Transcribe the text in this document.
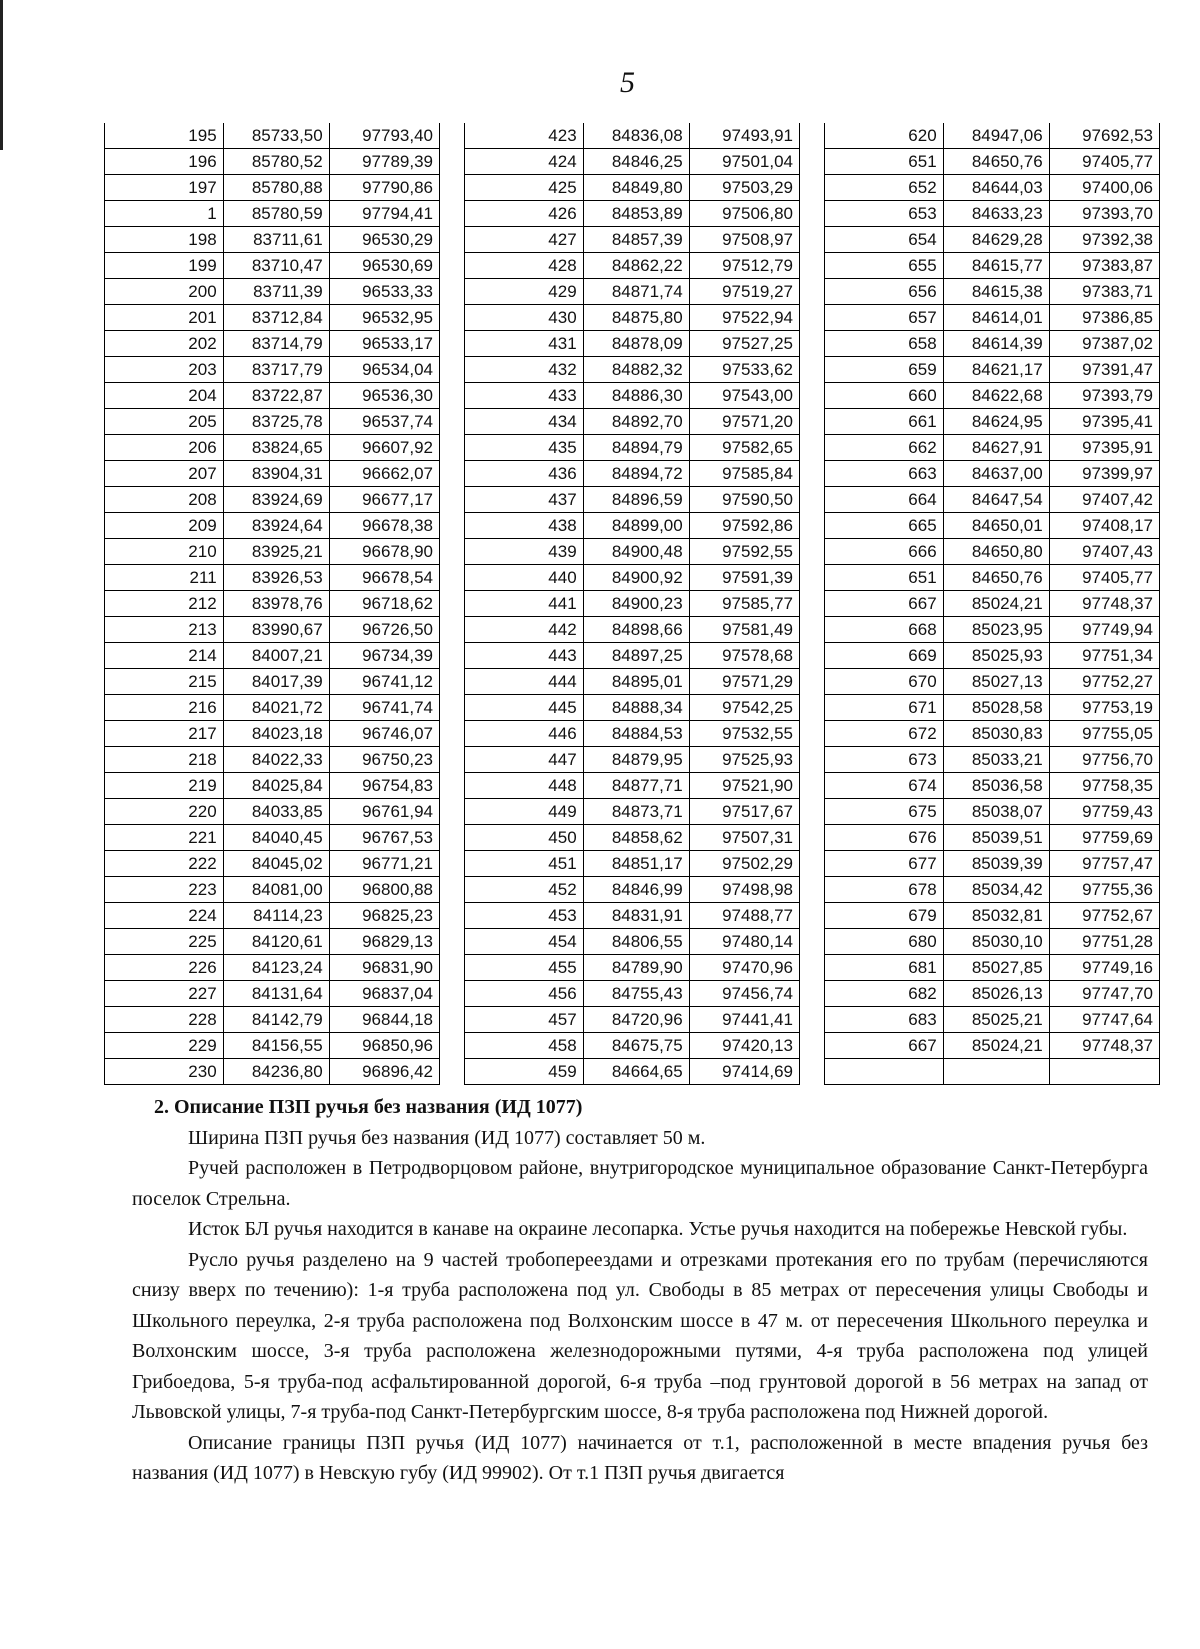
5
195	85733,50	97793,40
196	85780,52	97789,39
197	85780,88	97790,86
1	85780,59	97794,41
198	83711,61	96530,29
199	83710,47	96530,69
200	83711,39	96533,33
201	83712,84	96532,95
202	83714,79	96533,17
203	83717,79	96534,04
204	83722,87	96536,30
205	83725,78	96537,74
206	83824,65	96607,92
207	83904,31	96662,07
208	83924,69	96677,17
209	83924,64	96678,38
210	83925,21	96678,90
211	83926,53	96678,54
212	83978,76	96718,62
213	83990,67	96726,50
214	84007,21	96734,39
215	84017,39	96741,12
216	84021,72	96741,74
217	84023,18	96746,07
218	84022,33	96750,23
219	84025,84	96754,83
220	84033,85	96761,94
221	84040,45	96767,53
222	84045,02	96771,21
223	84081,00	96800,88
224	84114,23	96825,23
225	84120,61	96829,13
226	84123,24	96831,90
227	84131,64	96837,04
228	84142,79	96844,18
229	84156,55	96850,96
230	84236,80	96896,42
423	84836,08	97493,91
424	84846,25	97501,04
425	84849,80	97503,29
426	84853,89	97506,80
427	84857,39	97508,97
428	84862,22	97512,79
429	84871,74	97519,27
430	84875,80	97522,94
431	84878,09	97527,25
432	84882,32	97533,62
433	84886,30	97543,00
434	84892,70	97571,20
435	84894,79	97582,65
436	84894,72	97585,84
437	84896,59	97590,50
438	84899,00	97592,86
439	84900,48	97592,55
440	84900,92	97591,39
441	84900,23	97585,77
442	84898,66	97581,49
443	84897,25	97578,68
444	84895,01	97571,29
445	84888,34	97542,25
446	84884,53	97532,55
447	84879,95	97525,93
448	84877,71	97521,90
449	84873,71	97517,67
450	84858,62	97507,31
451	84851,17	97502,29
452	84846,99	97498,98
453	84831,91	97488,77
454	84806,55	97480,14
455	84789,90	97470,96
456	84755,43	97456,74
457	84720,96	97441,41
458	84675,75	97420,13
459	84664,65	97414,69
620	84947,06	97692,53
651	84650,76	97405,77
652	84644,03	97400,06
653	84633,23	97393,70
654	84629,28	97392,38
655	84615,77	97383,87
656	84615,38	97383,71
657	84614,01	97386,85
658	84614,39	97387,02
659	84621,17	97391,47
660	84622,68	97393,79
661	84624,95	97395,41
662	84627,91	97395,91
663	84637,00	97399,97
664	84647,54	97407,42
665	84650,01	97408,17
666	84650,80	97407,43
651	84650,76	97405,77
667	85024,21	97748,37
668	85023,95	97749,94
669	85025,93	97751,34
670	85027,13	97752,27
671	85028,58	97753,19
672	85030,83	97755,05
673	85033,21	97756,70
674	85036,58	97758,35
675	85038,07	97759,43
676	85039,51	97759,69
677	85039,39	97757,47
678	85034,42	97755,36
679	85032,81	97752,67
680	85030,10	97751,28
681	85027,85	97749,16
682	85026,13	97747,70
683	85025,21	97747,64
667	85024,21	97748,37

2. Описание ПЗП ручья без названия (ИД 1077)

Ширина ПЗП ручья без названия (ИД 1077) составляет 50 м.

Ручей расположен в Петродворцовом районе, внутригородское муниципальное образование Санкт-Петербурга поселок Стрельна.

Исток БЛ ручья находится в канаве на окраине лесопарка. Устье ручья находится на побережье Невской губы.

Русло ручья разделено на 9 частей тробопереездами и отрезками протекания его по трубам (перечисляются снизу вверх по течению): 1-я труба расположена под ул. Свободы в 85 метрах от пересечения улицы Свободы и Школьного переулка, 2-я труба расположена под Волхонским шоссе в 47 м. от пересечения Школьного переулка и Волхонским шоссе, 3-я труба расположена железнодорожными путями, 4-я труба расположена под улицей Грибоедова, 5-я труба-под асфальтированной дорогой, 6-я труба –под грунтовой дорогой в 56 метрах на запад от Львовской улицы, 7-я труба-под Санкт-Петербургским шоссе, 8-я труба расположена под Нижней дорогой.

Описание границы ПЗП ручья (ИД 1077) начинается от т.1, расположенной в месте впадения ручья без названия (ИД 1077) в Невскую губу (ИД 99902). От т.1 ПЗП ручья двигается
